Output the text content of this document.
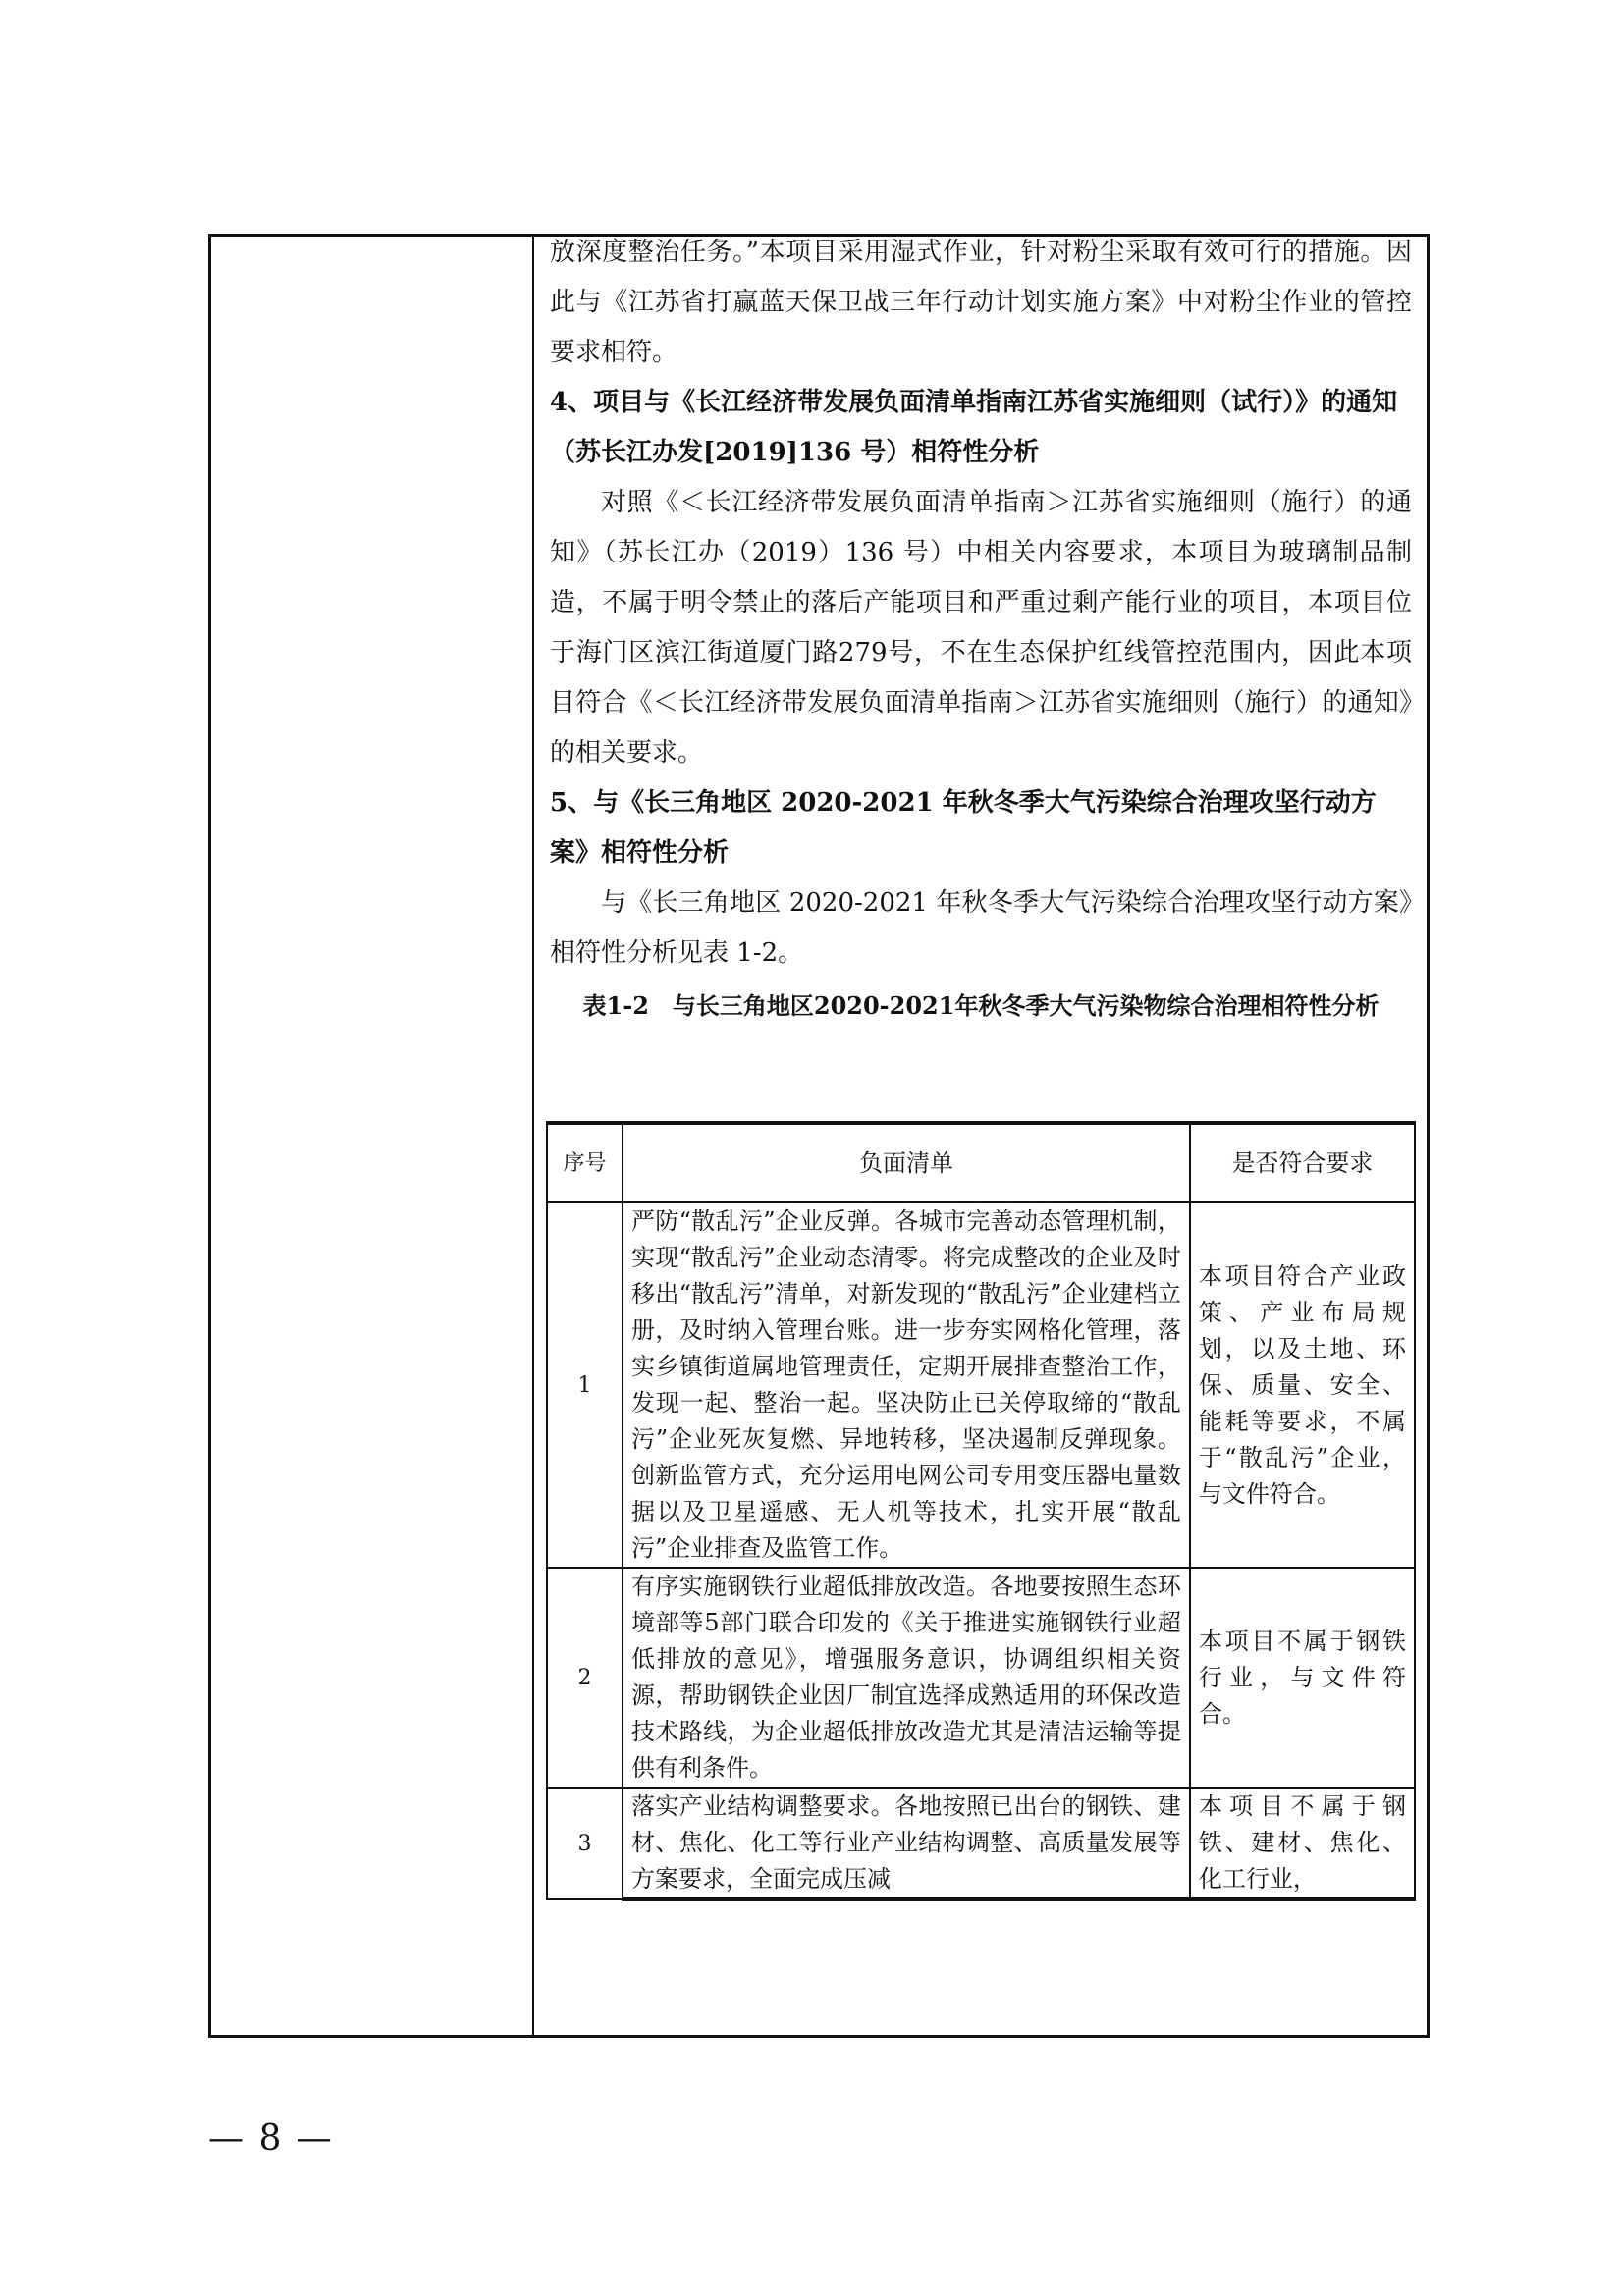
放深度整治任务。”本项目采用湿式作业，针对粉尘采取有效可行的措施。因此与《江苏省打赢蓝天保卫战三年行动计划实施方案》中对粉尘作业的管控要求相符。

4、项目与《长江经济带发展负面清单指南江苏省实施细则（试行）》的通知（苏长江办发[2019]136 号）相符性分析

对照《＜长江经济带发展负面清单指南＞江苏省实施细则（施行）的通知》（苏长江办（2019）136 号）中相关内容要求，本项目为玻璃制品制造，不属于明令禁止的落后产能项目和严重过剩产能行业的项目，本项目位于海门区滨江街道厦门路279号，不在生态保护红线管控范围内，因此本项目符合《＜长江经济带发展负面清单指南＞江苏省实施细则（施行）的通知》的相关要求。

5、与《长三角地区 2020-2021 年秋冬季大气污染综合治理攻坚行动方案》相符性分析

与《长三角地区 2020-2021 年秋冬季大气污染综合治理攻坚行动方案》相符性分析见表 1-2。

表1-2　与长三角地区2020-2021年秋冬季大气污染物综合治理相符性分析
序号	负面清单	是否符合要求
1	严防“散乱污”企业反弹。各城市完善动态管理机制，实现“散乱污”企业动态清零。将完成整改的企业及时移出“散乱污”清单，对新发现的“散乱污”企业建档立册，及时纳入管理台账。进一步夯实网格化管理，落实乡镇街道属地管理责任，定期开展排查整治工作，发现一起、整治一起。坚决防止已关停取缔的“散乱污”企业死灰复燃、异地转移，坚决遏制反弹现象。创新监管方式，充分运用电网公司专用变压器电量数据以及卫星遥感、无人机等技术，扎实开展“散乱污”企业排查及监管工作。	本项目符合产业政策、产业布局规划，以及土地、环保、质量、安全、能耗等要求，不属于“散乱污”企业，与文件符合。
2	有序实施钢铁行业超低排放改造。各地要按照生态环境部等5部门联合印发的《关于推进实施钢铁行业超低排放的意见》，增强服务意识，协调组织相关资源，帮助钢铁企业因厂制宜选择成熟适用的环保改造技术路线，为企业超低排放改造尤其是清洁运输等提供有利条件。	本项目不属于钢铁行业，与文件符合。
3	落实产业结构调整要求。各地按照已出台的钢铁、建材、焦化、化工等行业产业结构调整、高质量发展等方案要求，全面完成压减	本项目不属于钢铁、建材、焦化、化工行业，
— 8 —
